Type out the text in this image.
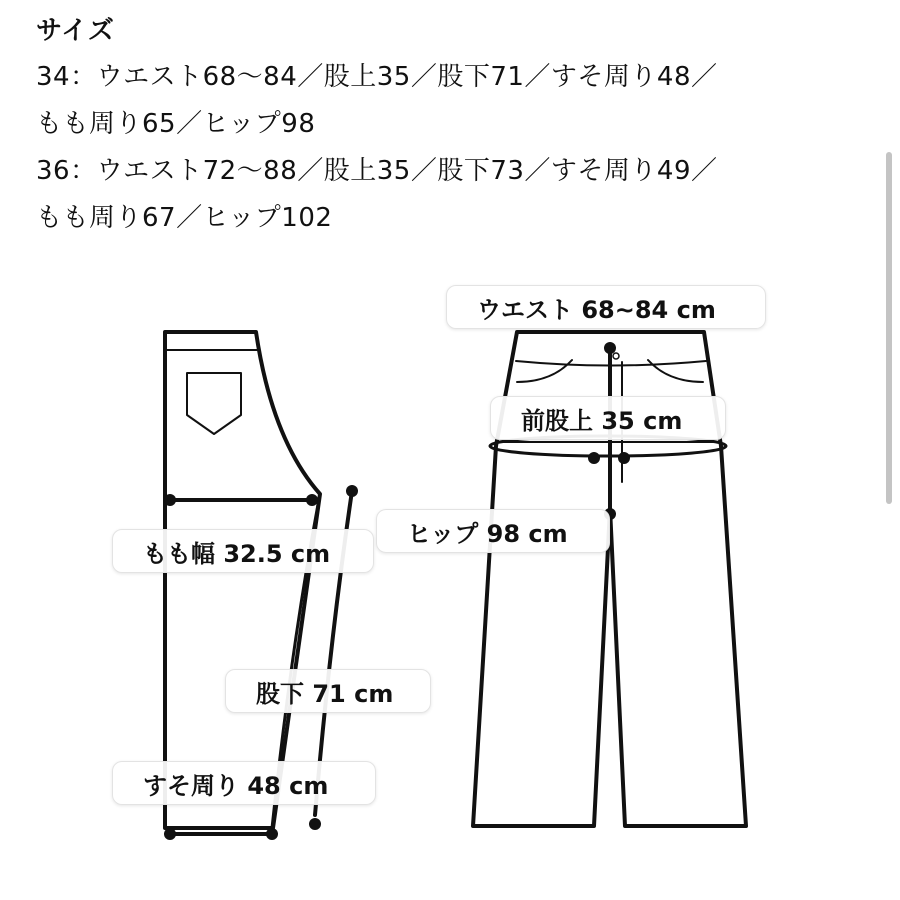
サイズ
34：ウエスト68〜84／股上35／股下71／すそ周り48／
もも周り65／ヒップ98
36：ウエスト72〜88／股上35／股下73／すそ周り49／
もも周り67／ヒップ102
ウエスト 68~84 cm
前股上 35 cm
ヒップ 98 cm
もも幅 32.5 cm
股下 71 cm
すそ周り 48 cm
